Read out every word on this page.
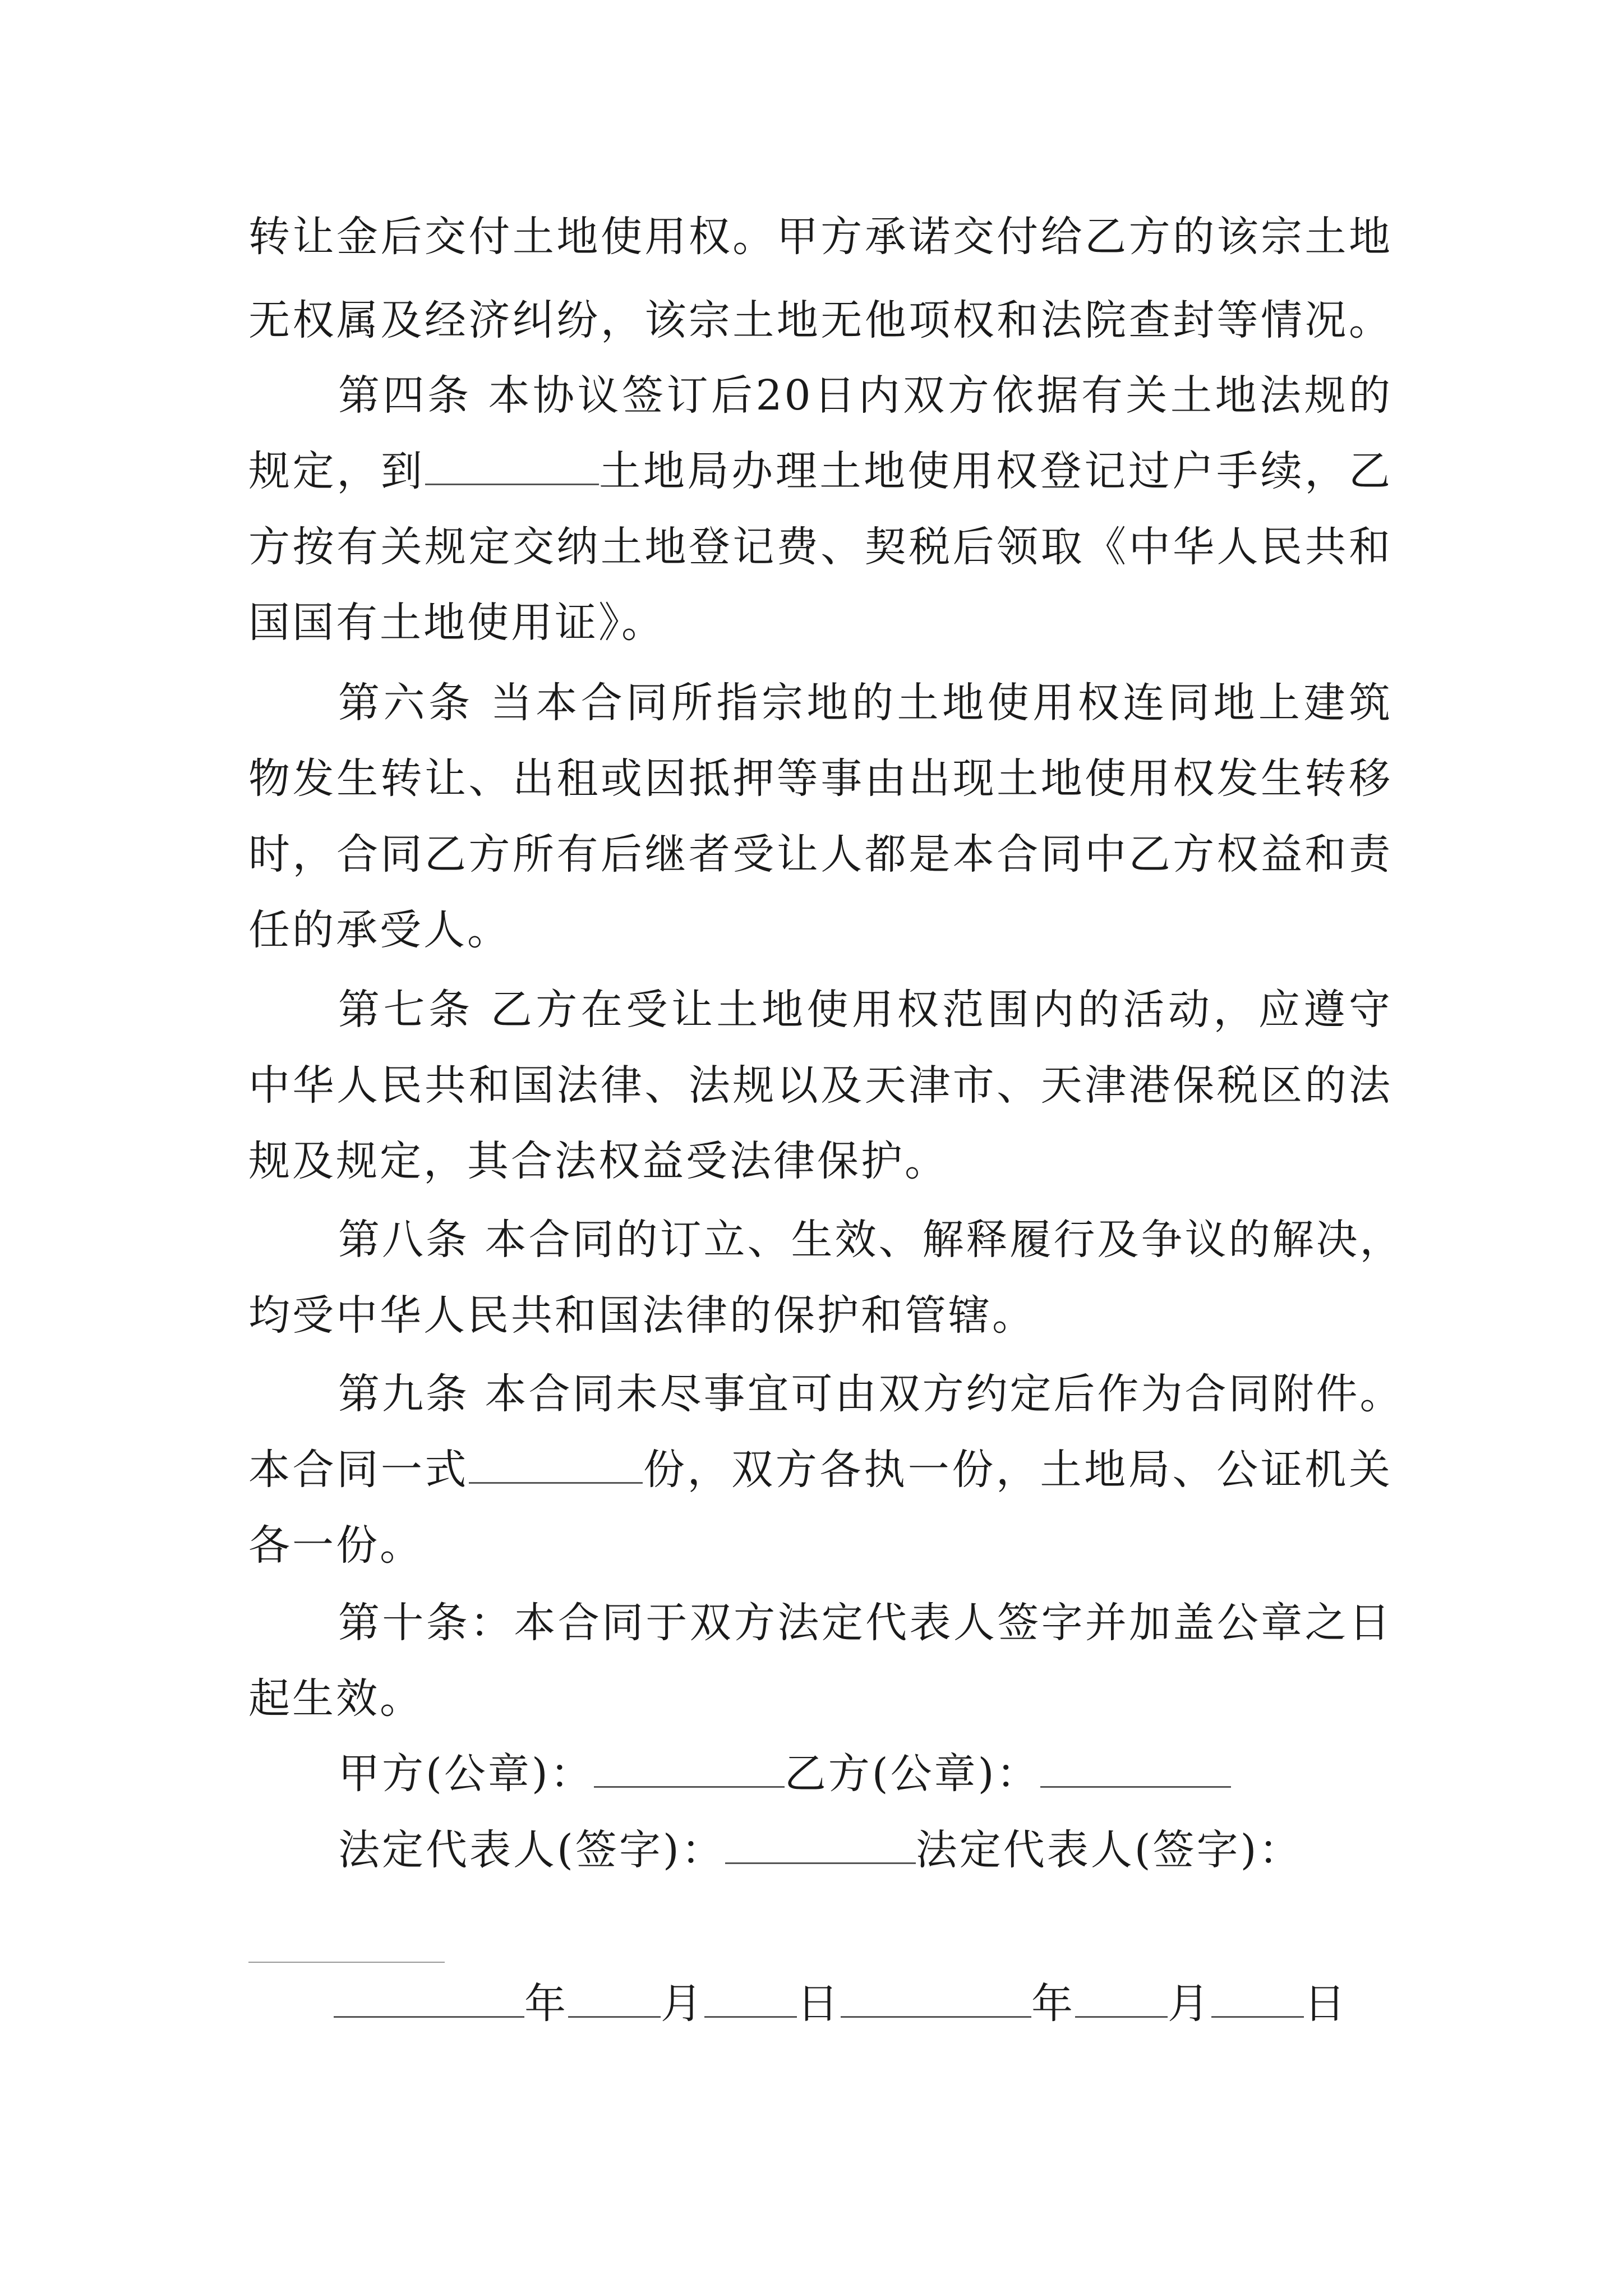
转让金后交付土地使用权。甲方承诺交付给乙方的该宗土地
无权属及经济纠纷，该宗土地无他项权和法院查封等情况。
第四条 本协议签订后20日内双方依据有关土地法规的
规定，到	土地局办理土地使用权登记过户手续，乙
方按有关规定交纳土地登记费、契税后领取《中华人民共和
国国有土地使用证》。
第六条 当本合同所指宗地的土地使用权连同地上建筑
物发生转让、出租或因抵押等事由出现土地使用权发生转移
时，合同乙方所有后继者受让人都是本合同中乙方权益和责
任的承受人。
第七条 乙方在受让土地使用权范围内的活动，应遵守
中华人民共和国法律、法规以及天津市、天津港保税区的法
规及规定，其合法权益受法律保护。
第八条 本合同的订立、生效、解释履行及争议的解决，
均受中华人民共和国法律的保护和管辖。
第九条 本合同未尽事宜可由双方约定后作为合同附件。
本合同一式	份，双方各执一份，土地局、公证机关
各一份。
第十条：本合同于双方法定代表人签字并加盖公章之日
起生效。
甲方(公章)：	乙方(公章)：
法定代表人(签字)：	法定代表人(签字)：
年 月 日	年 月 日
